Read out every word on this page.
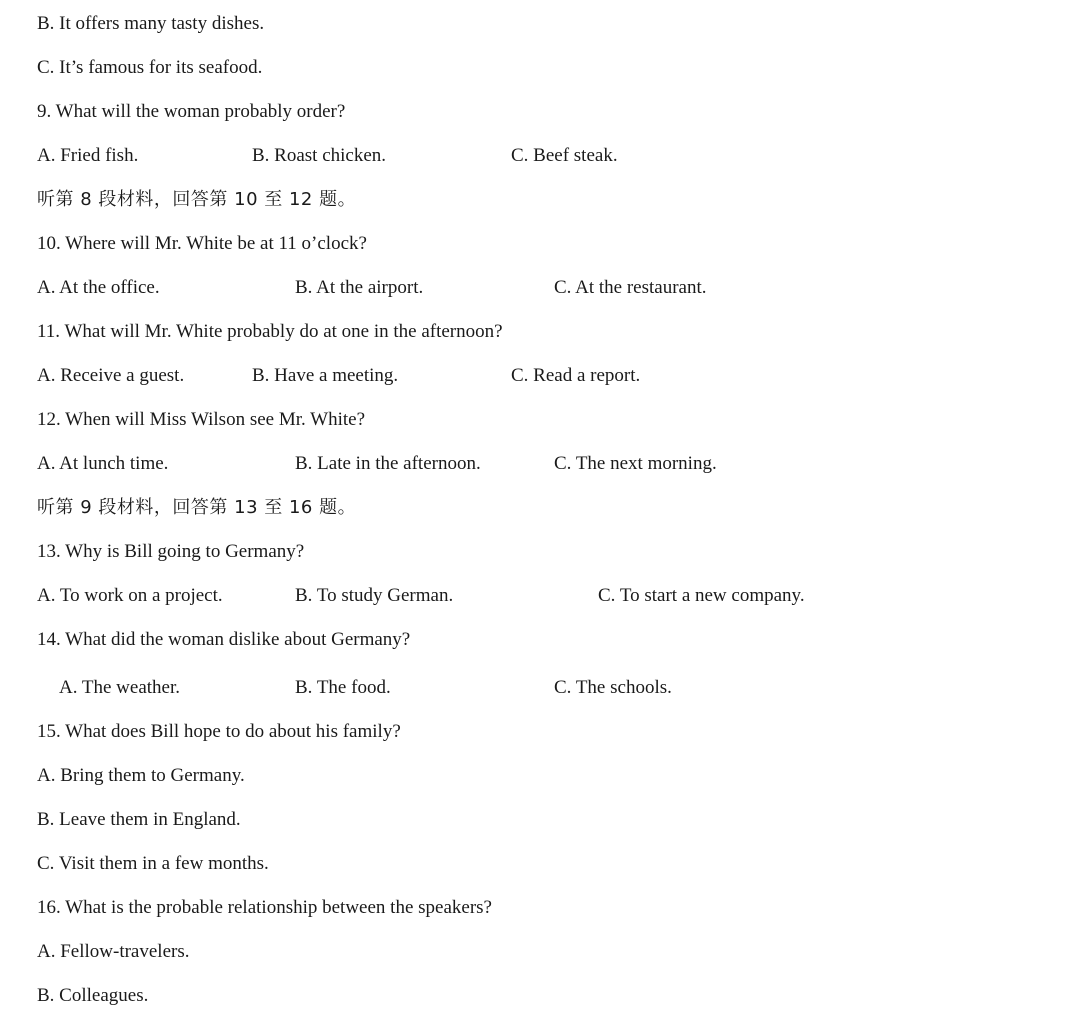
B. It offers many tasty dishes.
C. It’s famous for its seafood.
9. What will the woman probably order?
A. Fried fish.	B. Roast chicken.	C. Beef steak.
听第 8 段材料，回答第 10 至 12 题。
10. Where will Mr. White be at 11 o’clock?
A. At the office.	B. At the airport.	C. At the restaurant.
11. What will Mr. White probably do at one in the afternoon?
A. Receive a guest.	B. Have a meeting.	C. Read a report.
12. When will Miss Wilson see Mr. White?
A. At lunch time.	B. Late in the afternoon.	C. The next morning.
听第 9 段材料，回答第 13 至 16 题。
13. Why is Bill going to Germany?
A. To work on a project.	B. To study German.	C. To start a new company.
14. What did the woman dislike about Germany?
A. The weather.	B. The food.	C. The schools.
15. What does Bill hope to do about his family?
A. Bring them to Germany.
B. Leave them in England.
C. Visit them in a few months.
16. What is the probable relationship between the speakers?
A. Fellow-travelers.
B. Colleagues.
